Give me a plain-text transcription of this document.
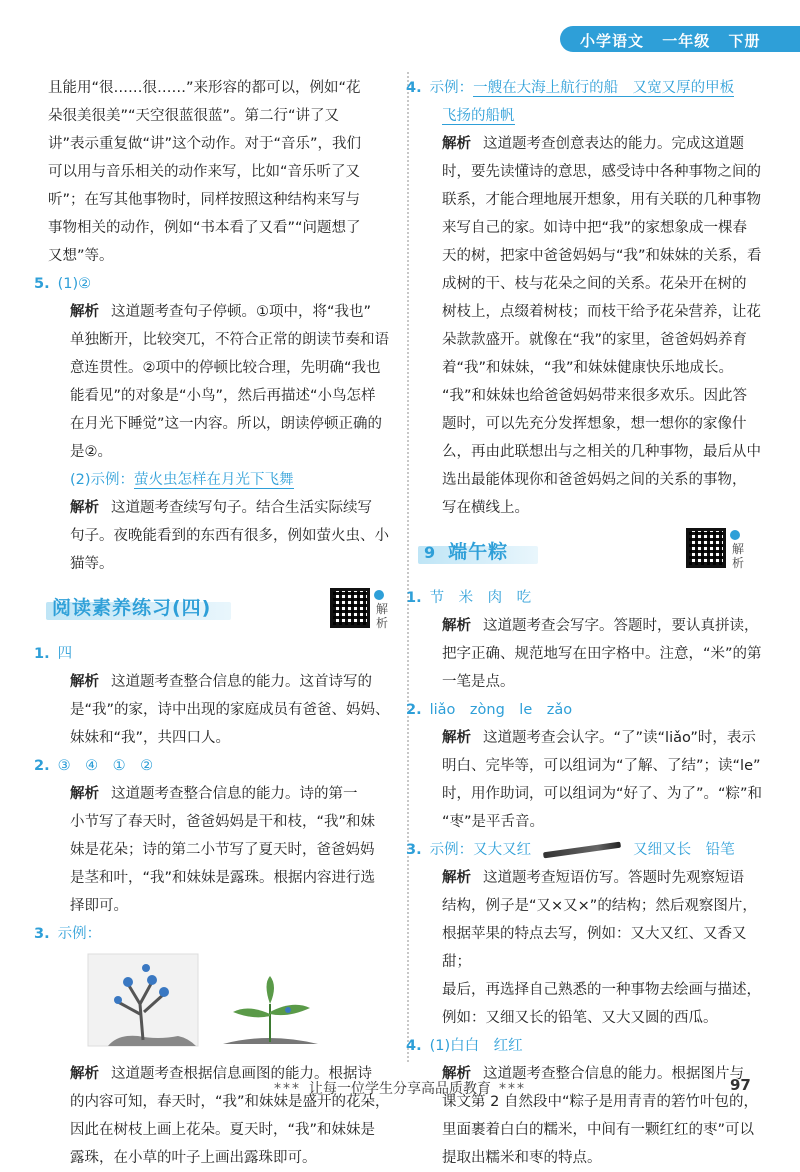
小学语文 一年级 下册
且能用“很……很……”来形容的都可以，例如“花
朵很美很美”“天空很蓝很蓝”。第二行“讲了又
讲”表示重复做“讲”这个动作。对于“音乐”，我们
可以用与音乐相关的动作来写，比如“音乐听了又
听”；在写其他事物时，同样按照这种结构来写与
事物相关的动作，例如“书本看了又看”“问题想了
又想”等。
5. (1)②
解析 这道题考查句子停顿。①项中，将“我也”
单独断开，比较突兀，不符合正常的朗读节奏和语
意连贯性。②项中的停顿比较合理，先明确“我也
能看见”的对象是“小鸟”，然后再描述“小鸟怎样
在月光下睡觉”这一内容。所以，朗读停顿正确的
是②。
(2)示例：萤火虫怎样在月光下飞舞
解析 这道题考查续写句子。结合生活实际续写
句子。夜晚能看到的东西有很多，例如萤火虫、小
猫等。
阅读素养练习(四)	解析
1. 四
解析 这道题考查整合信息的能力。这首诗写的
是“我”的家，诗中出现的家庭成员有爸爸、妈妈、
妹妹和“我”，共四口人。
2. ③　④　①　②
解析 这道题考查整合信息的能力。诗的第一
小节写了春天时，爸爸妈妈是干和枝，“我”和妹
妹是花朵；诗的第二小节写了夏天时，爸爸妈妈
是茎和叶，“我”和妹妹是露珠。根据内容进行选
择即可。
3. 示例：
解析 这道题考查根据信息画图的能力。根据诗
的内容可知，春天时，“我”和妹妹是盛开的花朵，
因此在树枝上画上花朵。夏天时，“我”和妹妹是
露珠，在小草的叶子上画出露珠即可。
4. 示例：一艘在大海上航行的船　又宽又厚的甲板
飞扬的船帆
解析 这道题考查创意表达的能力。完成这道题
时，要先读懂诗的意思，感受诗中各种事物之间的
联系，才能合理地展开想象，用有关联的几种事物
来写自己的家。如诗中把“我”的家想象成一棵春
天的树，把家中爸爸妈妈与“我”和妹妹的关系，看
成树的干、枝与花朵之间的关系。花朵开在树的
树枝上，点缀着树枝；而枝干给予花朵营养，让花
朵款款盛开。就像在“我”的家里，爸爸妈妈养育
着“我”和妹妹，“我”和妹妹健康快乐地成长。
“我”和妹妹也给爸爸妈妈带来很多欢乐。因此答
题时，可以先充分发挥想象，想一想你的家像什
么，再由此联想出与之相关的几种事物，最后从中
选出最能体现你和爸爸妈妈之间的关系的事物，
写在横线上。
9 端午粽	解析
1. 节　米　肉　吃
解析 这道题考查会写字。答题时，要认真拼读，
把字正确、规范地写在田字格中。注意，“米”的第
一笔是点。
2. liǎo　zòng　le　zǎo
解析 这道题考查会认字。“了”读“liǎo”时，表示
明白、完毕等，可以组词为“了解、了结”；读“le”
时，用作助词，可以组词为“好了、为了”。“粽”和
“枣”是平舌音。
3. 示例：又大又红	又细又长　铅笔
解析 这道题考查短语仿写。答题时先观察短语
结构，例子是“又×又×”的结构；然后观察图片，
根据苹果的特点去写，例如：又大又红、又香又甜；
最后，再选择自己熟悉的一种事物去绘画与描述，
例如：又细又长的铅笔、又大又圆的西瓜。
4. (1)白白　红红
解析 这道题考查整合信息的能力。根据图片与
课文第 2 自然段中“粽子是用青青的箬竹叶包的，
里面裹着白白的糯米，中间有一颗红红的枣”可以
提取出糯米和枣的特点。
*** 让每一位学生分享高品质教育 ***	97
